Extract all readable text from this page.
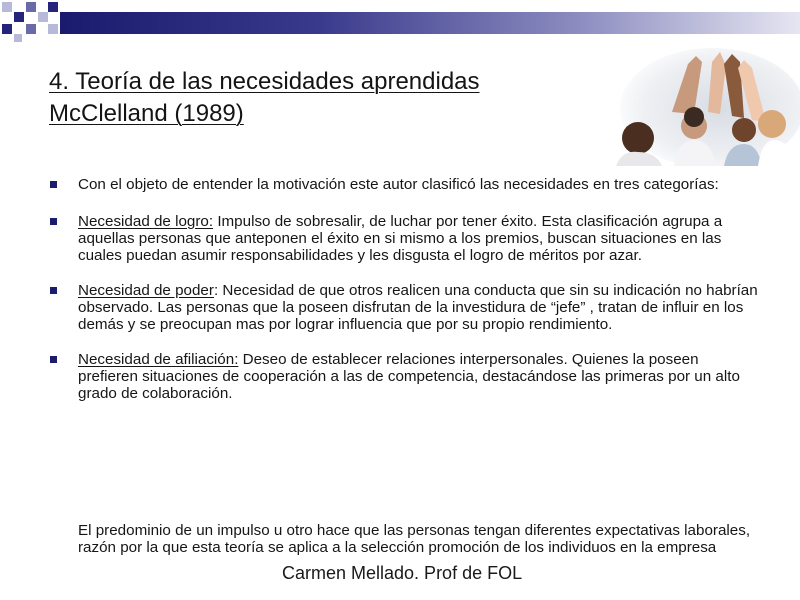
4. Teoría de las necesidades aprendidas
McClelland (1989)
Con el objeto de entender la motivación este autor clasificó las necesidades en tres categorías:
Necesidad de logro: Impulso de sobresalir, de luchar por tener éxito. Esta clasificación agrupa a aquellas personas que anteponen el éxito en si mismo a los premios, buscan situaciones en las cuales puedan asumir responsabilidades y les disgusta el logro de méritos por azar.
Necesidad de poder: Necesidad de que otros realicen una conducta que sin su indicación no habrían observado. Las personas que la poseen disfrutan de la investidura de “jefe” , tratan de influir en los demás y se preocupan mas por lograr influencia que por su propio rendimiento.
Necesidad de afiliación: Deseo de establecer relaciones interpersonales. Quienes la poseen prefieren situaciones de cooperación a las de competencia, destacándose las primeras por un alto grado de colaboración.
El predominio de un impulso u otro hace que las personas tengan diferentes expectativas laborales, razón por la que esta teoría se aplica a la selección promoción de los individuos en la empresa
Carmen Mellado. Prof de FOL
